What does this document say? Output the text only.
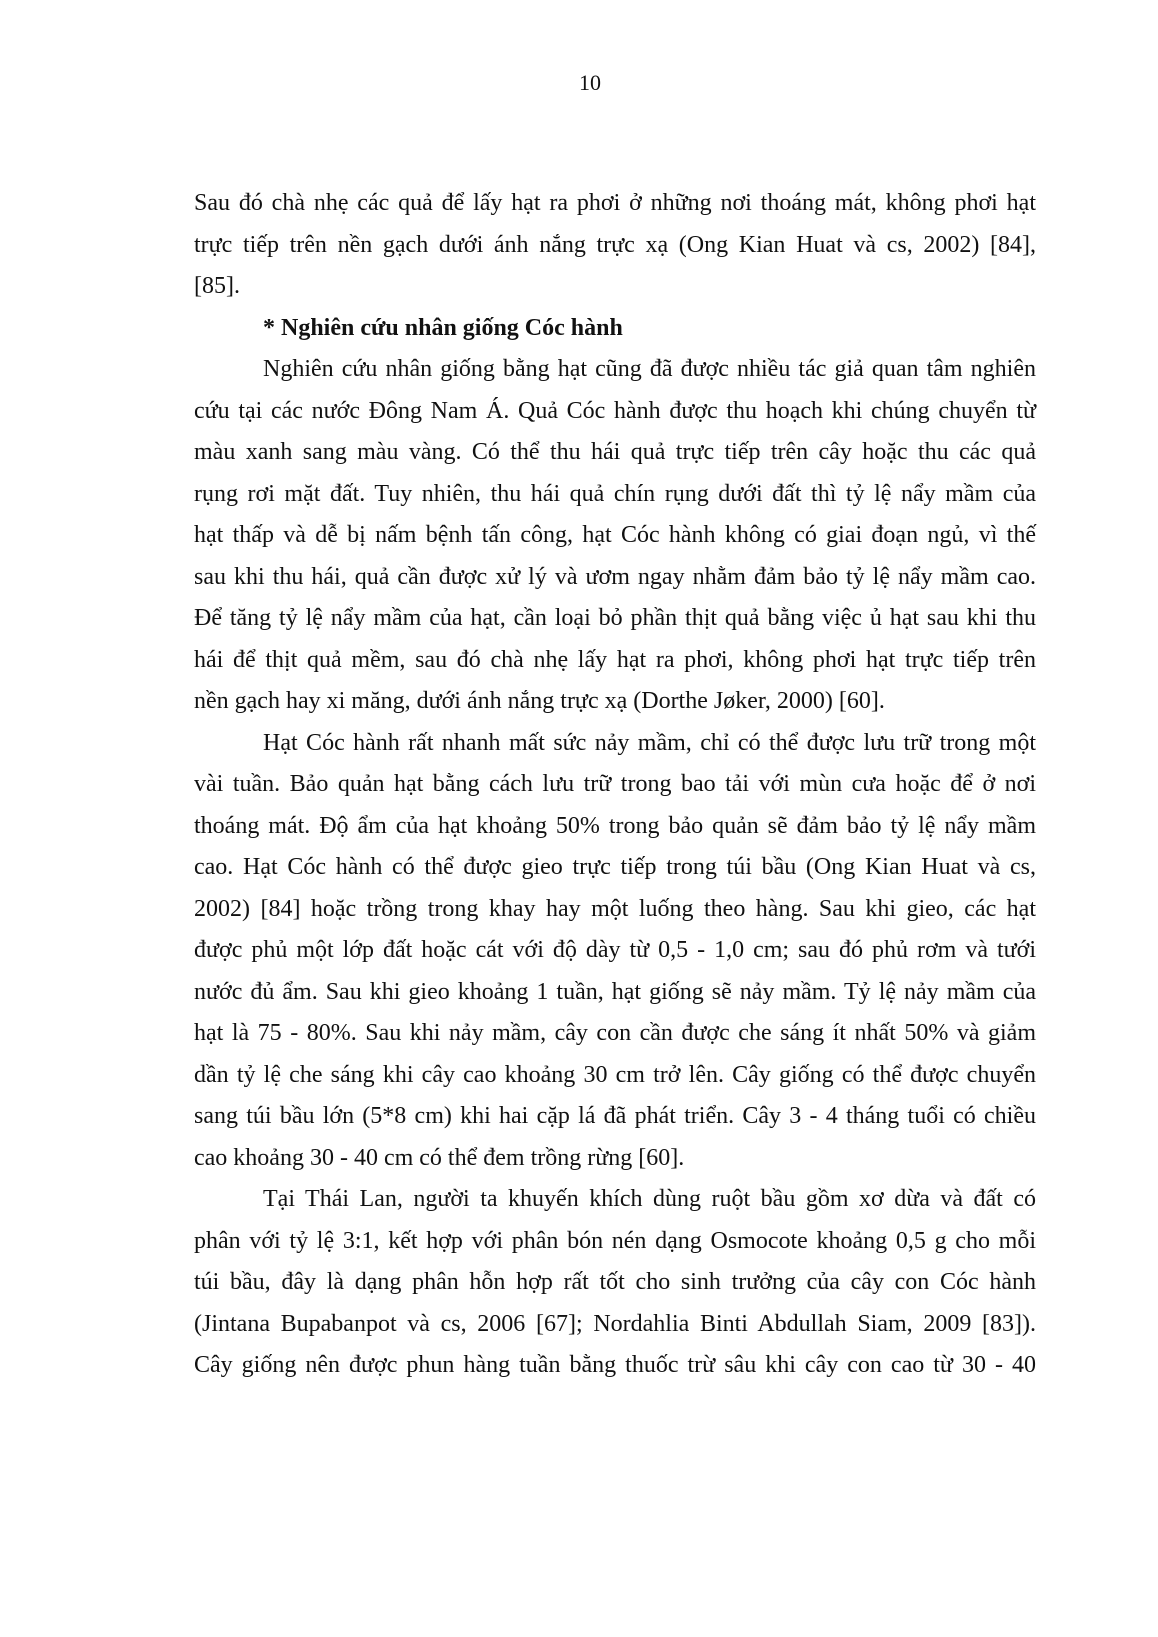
10

Sau đó chà nhẹ các quả để lấy hạt ra phơi ở những nơi thoáng mát, không phơi hạt
trực tiếp trên nền gạch dưới ánh nắng trực xạ (Ong Kian Huat và cs, 2002) [84],
[85].

* Nghiên cứu nhân giống Cóc hành

Nghiên cứu nhân giống bằng hạt cũng đã được nhiều tác giả quan tâm nghiên
cứu tại các nước Đông Nam Á. Quả Cóc hành được thu hoạch khi chúng chuyển từ
màu xanh sang màu vàng. Có thể thu hái quả trực tiếp trên cây hoặc thu các quả
rụng rơi mặt đất. Tuy nhiên, thu hái quả chín rụng dưới đất thì tỷ lệ nẩy mầm của
hạt thấp và dễ bị nấm bệnh tấn công, hạt Cóc hành không có giai đoạn ngủ, vì thế
sau khi thu hái, quả cần được xử lý và ươm ngay nhằm đảm bảo tỷ lệ nẩy mầm cao.
Để tăng tỷ lệ nẩy mầm của hạt, cần loại bỏ phần thịt quả bằng việc ủ hạt sau khi thu
hái để thịt quả mềm, sau đó chà nhẹ lấy hạt ra phơi, không phơi hạt trực tiếp trên
nền gạch hay xi măng, dưới ánh nắng trực xạ (Dorthe Jøker, 2000) [60].

Hạt Cóc hành rất nhanh mất sức nảy mầm, chỉ có thể được lưu trữ trong một
vài tuần. Bảo quản hạt bằng cách lưu trữ trong bao tải với mùn cưa hoặc để ở nơi
thoáng mát. Độ ẩm của hạt khoảng 50% trong bảo quản sẽ đảm bảo tỷ lệ nẩy mầm
cao. Hạt Cóc hành có thể được gieo trực tiếp trong túi bầu (Ong Kian Huat và cs,
2002) [84] hoặc trồng trong khay hay một luống theo hàng. Sau khi gieo, các hạt
được phủ một lớp đất hoặc cát với độ dày từ 0,5 - 1,0 cm; sau đó phủ rơm và tưới
nước đủ ẩm. Sau khi gieo khoảng 1 tuần, hạt giống sẽ nảy mầm. Tỷ lệ nảy mầm của
hạt là 75 - 80%. Sau khi nảy mầm, cây con cần được che sáng ít nhất 50% và giảm
dần tỷ lệ che sáng khi cây cao khoảng 30 cm trở lên. Cây giống có thể được chuyển
sang túi bầu lớn (5*8 cm) khi hai cặp lá đã phát triển. Cây 3 - 4 tháng tuổi có chiều
cao khoảng 30 - 40 cm có thể đem trồng rừng [60].

Tại Thái Lan, người ta khuyến khích dùng ruột bầu gồm xơ dừa và đất có
phân với tỷ lệ 3:1, kết hợp với phân bón nén dạng Osmocote khoảng 0,5 g cho mỗi
túi bầu, đây là dạng phân hỗn hợp rất tốt cho sinh trưởng của cây con Cóc hành
(Jintana Bupabanpot và cs, 2006 [67]; Nordahlia Binti Abdullah Siam, 2009 [83]).
Cây giống nên được phun hàng tuần bằng thuốc trừ sâu khi cây con cao từ 30 - 40
